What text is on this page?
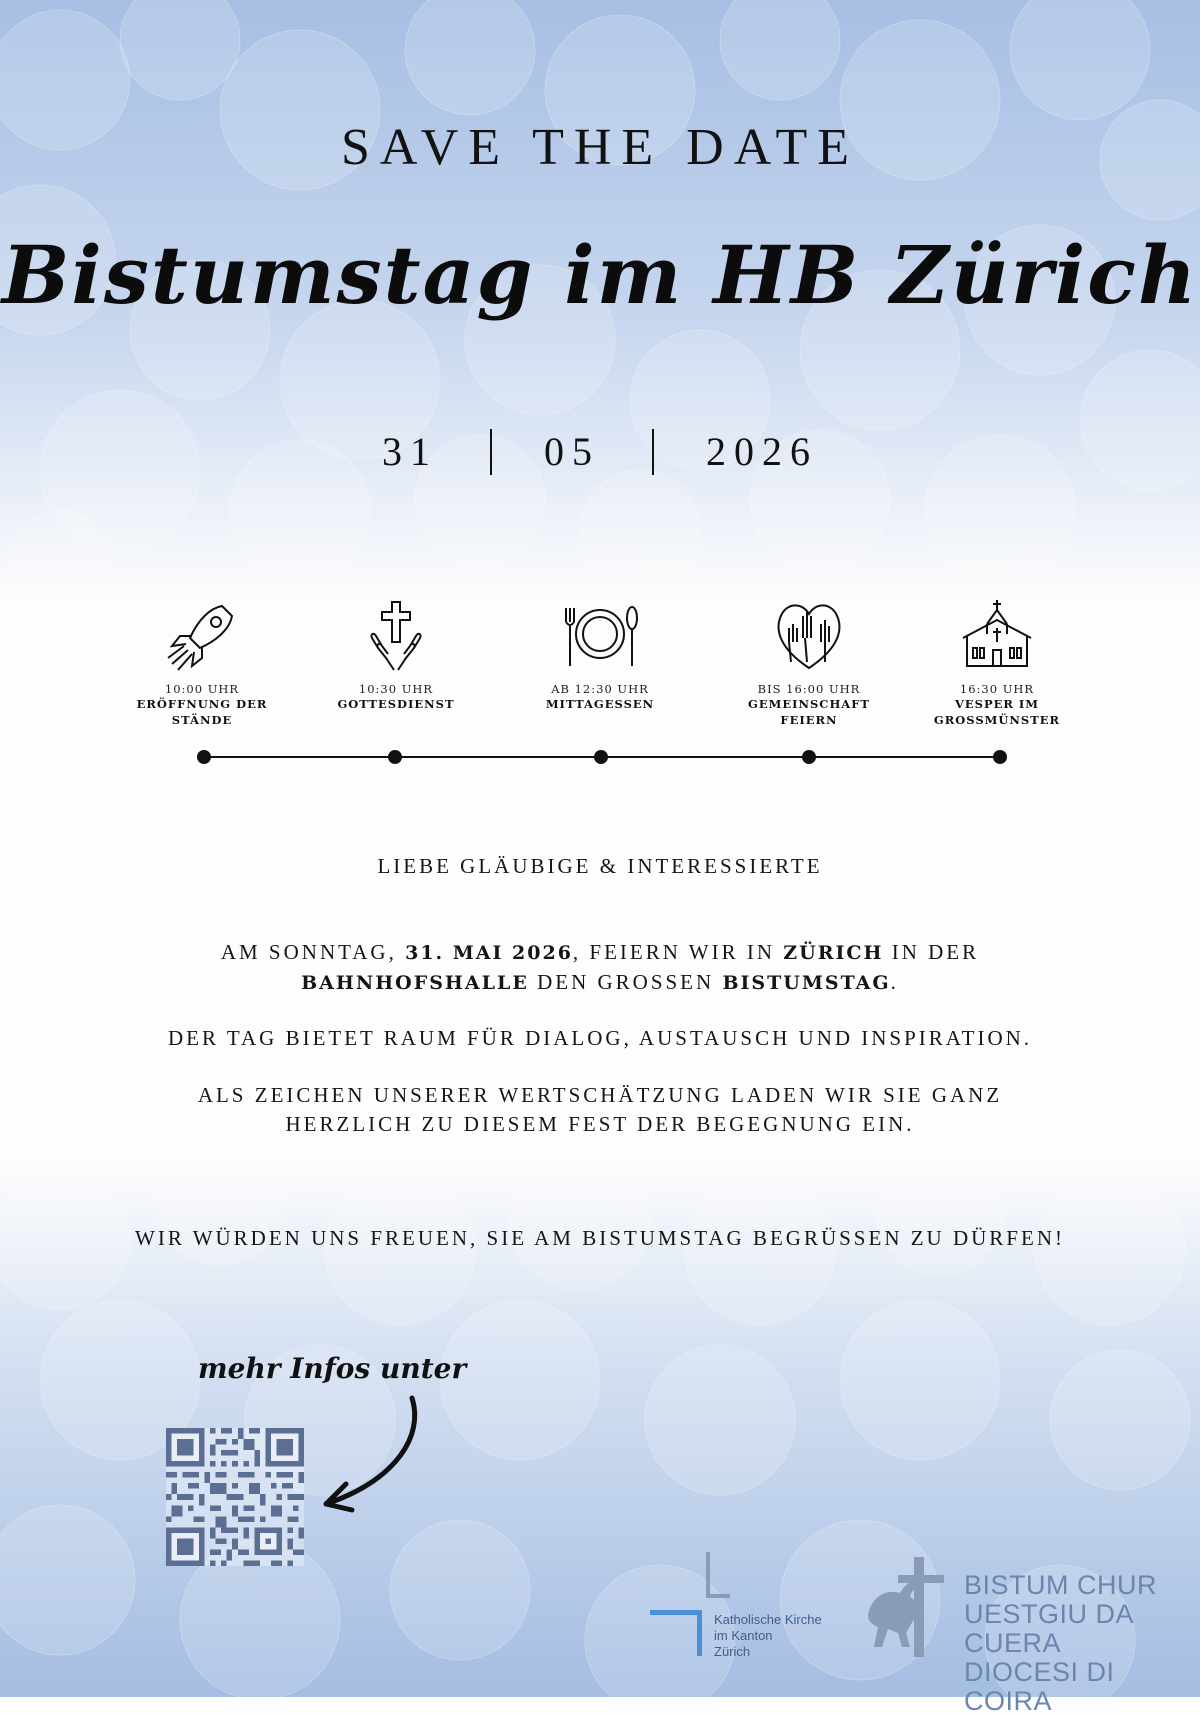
SAVE THE DATE
Bistumstag im HB Zürich
31	05	2026
10:00 UHR
ERÖFFNUNG DER
STÄNDE
10:30 UHR
GOTTESDIENST
AB 12:30 UHR
MITTAGESSEN
BIS 16:00 UHR
GEMEINSCHAFT
FEIERN
16:30 UHR
VESPER IM
GROSSMÜNSTER
LIEBE GLÄUBIGE & INTERESSIERTE
AM SONNTAG, 31. MAI 2026, FEIERN WIR IN ZÜRICH IN DER
BAHNHOFSHALLE DEN GROSSEN BISTUMSTAG.
DER TAG BIETET RAUM FÜR DIALOG, AUSTAUSCH UND INSPIRATION.
ALS ZEICHEN UNSERER WERTSCHÄTZUNG LADEN WIR SIE GANZ
HERZLICH ZU DIESEM FEST DER BEGEGNUNG EIN.
WIR WÜRDEN UNS FREUEN, SIE AM BISTUMSTAG BEGRÜSSEN ZU DÜRFEN!
mehr Infos unter
Katholische Kirche
im Kanton
Zürich
BISTUM CHUR
UESTGIU DA CUERA
DIOCESI DI COIRA
